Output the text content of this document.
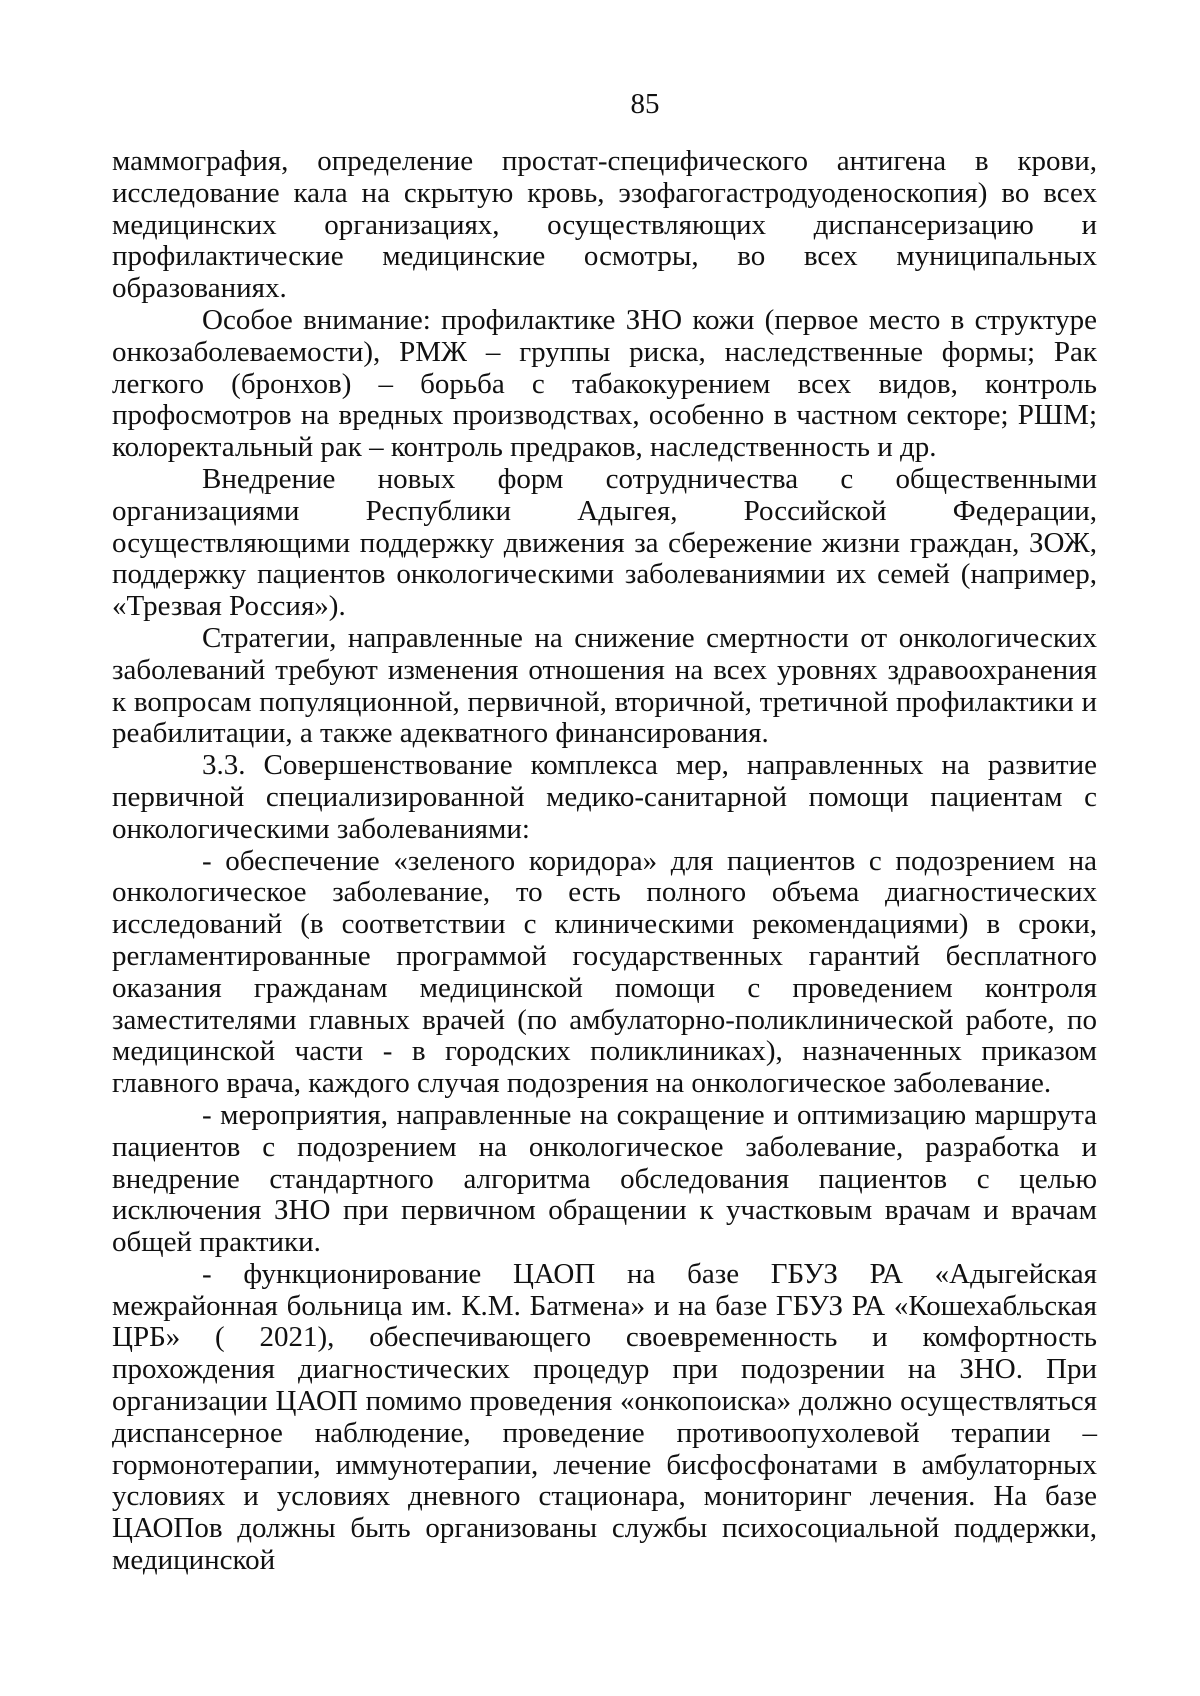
85

маммография, определение простат-специфического антигена в крови, исследование кала на скрытую кровь, эзофагогастродуоденоскопия) во всех медицинских организациях, осуществляющих диспансеризацию и профилактические медицинские осмотры, во всех муниципальных образованиях.

Особое внимание: профилактике ЗНО кожи (первое место в структуре онкозаболеваемости), РМЖ – группы риска, наследственные формы; Рак легкого (бронхов) – борьба с табакокурением всех видов, контроль профосмотров на вредных производствах, особенно в частном секторе; РШМ; колоректальный рак – контроль предраков, наследственность и др.

Внедрение новых форм сотрудничества с общественными организациями Республики Адыгея, Российской Федерации, осуществляющими поддержку движения за сбережение жизни граждан, ЗОЖ, поддержку пациентов онкологическими заболеваниямии их семей (например, «Трезвая Россия»).

Стратегии, направленные на снижение смертности от онкологических заболеваний требуют изменения отношения на всех уровнях здравоохранения к вопросам популяционной, первичной, вторичной, третичной профилактики и реабилитации, а также адекватного финансирования.

3.3. Совершенствование комплекса мер, направленных на развитие первичной специализированной медико-санитарной помощи пациентам с онкологическими заболеваниями:

- обеспечение «зеленого коридора» для пациентов с подозрением на онкологическое заболевание, то есть полного объема диагностических исследований (в соответствии с клиническими рекомендациями) в сроки, регламентированные программой государственных гарантий бесплатного оказания гражданам медицинской помощи с проведением контроля заместителями главных врачей (по амбулаторно-поликлинической работе, по медицинской части - в городских поликлиниках), назначенных приказом главного врача, каждого случая подозрения на онкологическое заболевание.

- мероприятия, направленные на сокращение и оптимизацию маршрута пациентов с подозрением на онкологическое заболевание, разработка и внедрение стандартного алгоритма обследования пациентов с целью исключения ЗНО при первичном обращении к участковым врачам и врачам общей практики.

- функционирование ЦАОП на базе ГБУЗ РА «Адыгейская межрайонная больница им. К.М. Батмена» и на базе ГБУЗ РА «Кошехабльская ЦРБ» ( 2021), обеспечивающего своевременность и комфортность прохождения диагностических процедур при подозрении на ЗНО. При организации ЦАОП помимо проведения «онкопоиска» должно осуществляться диспансерное наблюдение, проведение противоопухолевой терапии – гормонотерапии, иммунотерапии, лечение бисфосфонатами в амбулаторных условиях и условиях дневного стационара, мониторинг лечения. На базе ЦАОПов должны быть организованы службы психосоциальной поддержки, медицинской
